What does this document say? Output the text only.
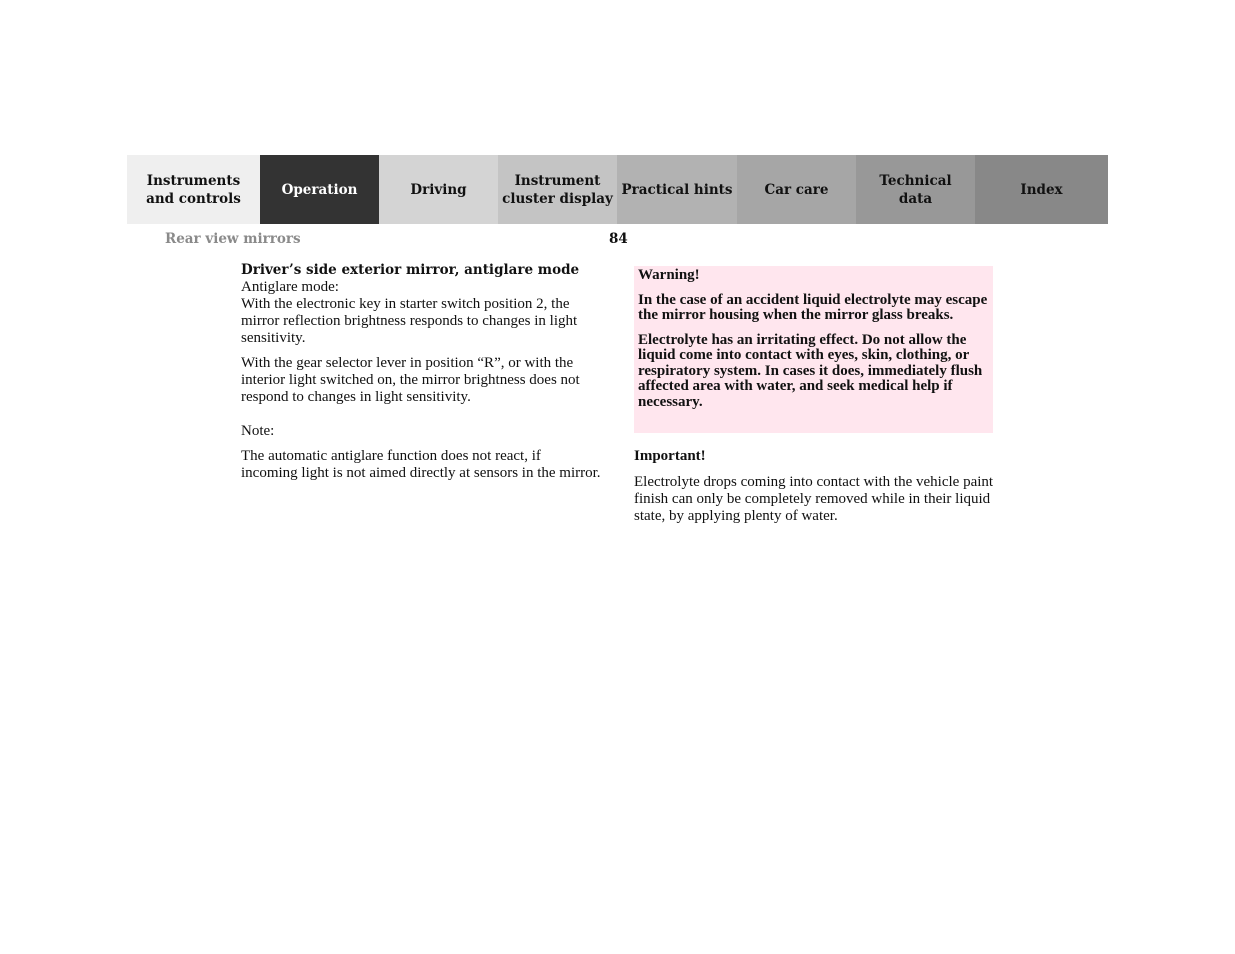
Instruments
and controls
Operation	Driving
Instrument
cluster display
Practical hints	Car care
Technical
data
Index
Rear view mirrors	84

Driver’s side exterior mirror, antiglare mode

Antiglare mode:

With the electronic key in starter switch position 2, the mirror reflection brightness responds to changes in light sensitivity.

With the gear selector lever in position “R”, or with the interior light switched on, the mirror brightness does not respond to changes in light sensitivity.

Note:

The automatic antiglare function does not react, if incoming light is not aimed directly at sensors in the mirror.

Warning!

In the case of an accident liquid electrolyte may escape the mirror housing when the mirror glass breaks.

Electrolyte has an irritating effect. Do not allow the liquid come into contact with eyes, skin, clothing, or respiratory system. In cases it does, immediately flush affected area with water, and seek medical help if necessary.

Important!

Electrolyte drops coming into contact with the vehicle paint finish can only be completely removed while in their liquid state, by applying plenty of water.
